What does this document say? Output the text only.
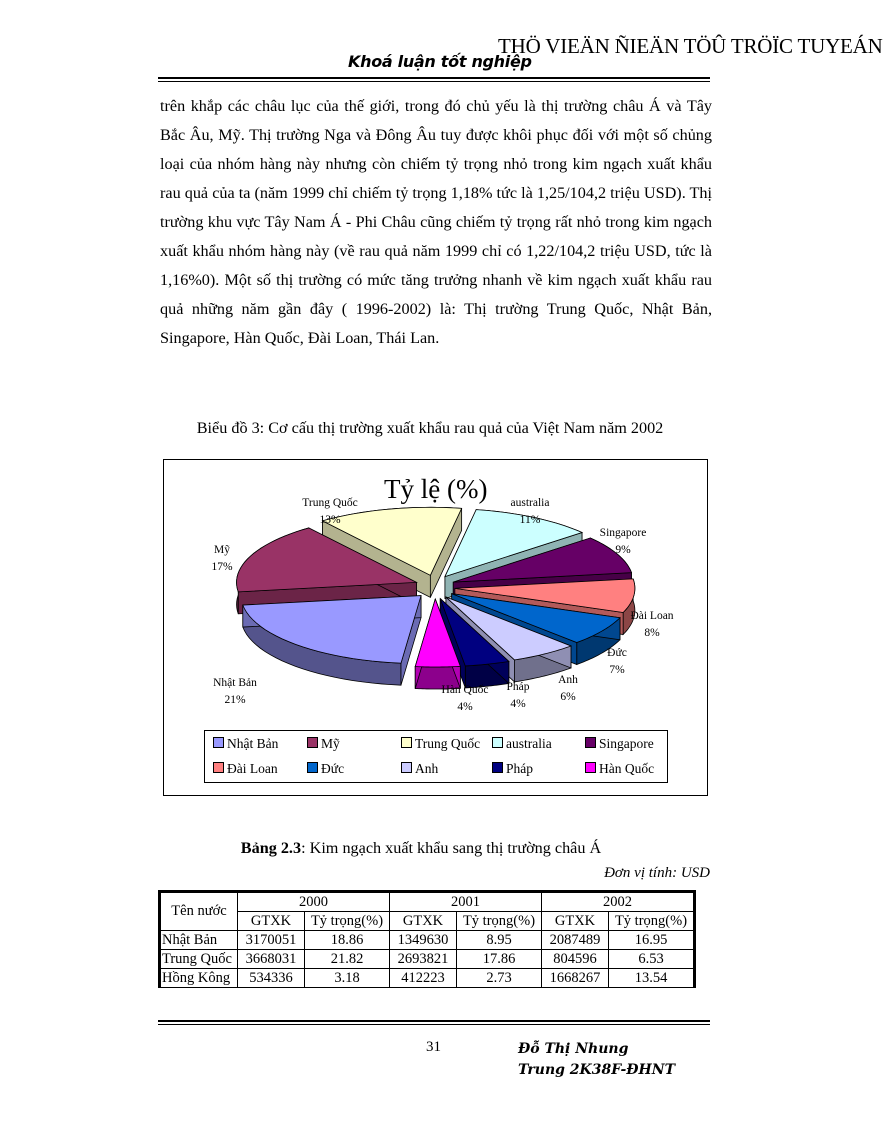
THÖ VIEÄN ÑIEÄN TÖÛ TRÖÏC TUYEÁN
Khoá luận tốt nghiệp
trên khắp các châu lục của thế giới, trong đó chủ yếu là thị trường châu Á và Tây Bắc Âu, Mỹ. Thị trường Nga và Đông Âu tuy được khôi phục đối với một số chủng loại của nhóm hàng này nhưng còn chiếm tỷ trọng nhỏ trong kim ngạch xuất khẩu rau quả của ta (năm 1999 chỉ chiếm tỷ trọng 1,18% tức là 1,25/104,2 triệu USD). Thị trường khu vực Tây Nam Á - Phi Châu cũng chiếm tỷ trọng rất nhỏ trong kim ngạch xuất khẩu nhóm hàng này (về rau quả năm 1999 chỉ có 1,22/104,2 triệu USD, tức là 1,16%0). Một số thị trường có mức tăng trưởng nhanh về kim ngạch xuất khẩu rau quả những năm gần đây ( 1996-2002) là: Thị trường Trung Quốc, Nhật Bản, Singapore, Hàn Quốc, Đài Loan, Thái Lan.
Biểu đồ 3: Cơ cấu thị trường xuất khẩu rau quả của Việt Nam năm 2002
Tỷ lệ (%)
Nhật Bản
21%
Mỹ
17%
Trung Quốc
13%
australia
11%
Singapore
9%
Đài Loan
8%
Đức
7%
Anh
6%
Pháp
4%
Hàn Quốc
4%
Nhật Bản	Mỹ	Trung Quốc	australia	Singapore
Đài Loan	Đức	Anh	Pháp	Hàn Quốc
Bảng 2.3: Kim ngạch xuất khẩu sang thị trường châu Á
Đơn vị tính: USD
Tên nước	2000		2001		2002	
	GTXK	Tỷ trọng(%)	GTXK	Tỷ trọng(%)	GTXK	Tỷ trọng(%)
Nhật Bản	3170051	18.86	1349630	8.95	2087489	16.95
Trung Quốc	3668031	21.82	2693821	17.86	804596	6.53
Hồng Kông	534336	3.18	412223	2.73	1668267	13.54
31	Đỗ Thị Nhung
Trung 2K38F-ĐHNT
